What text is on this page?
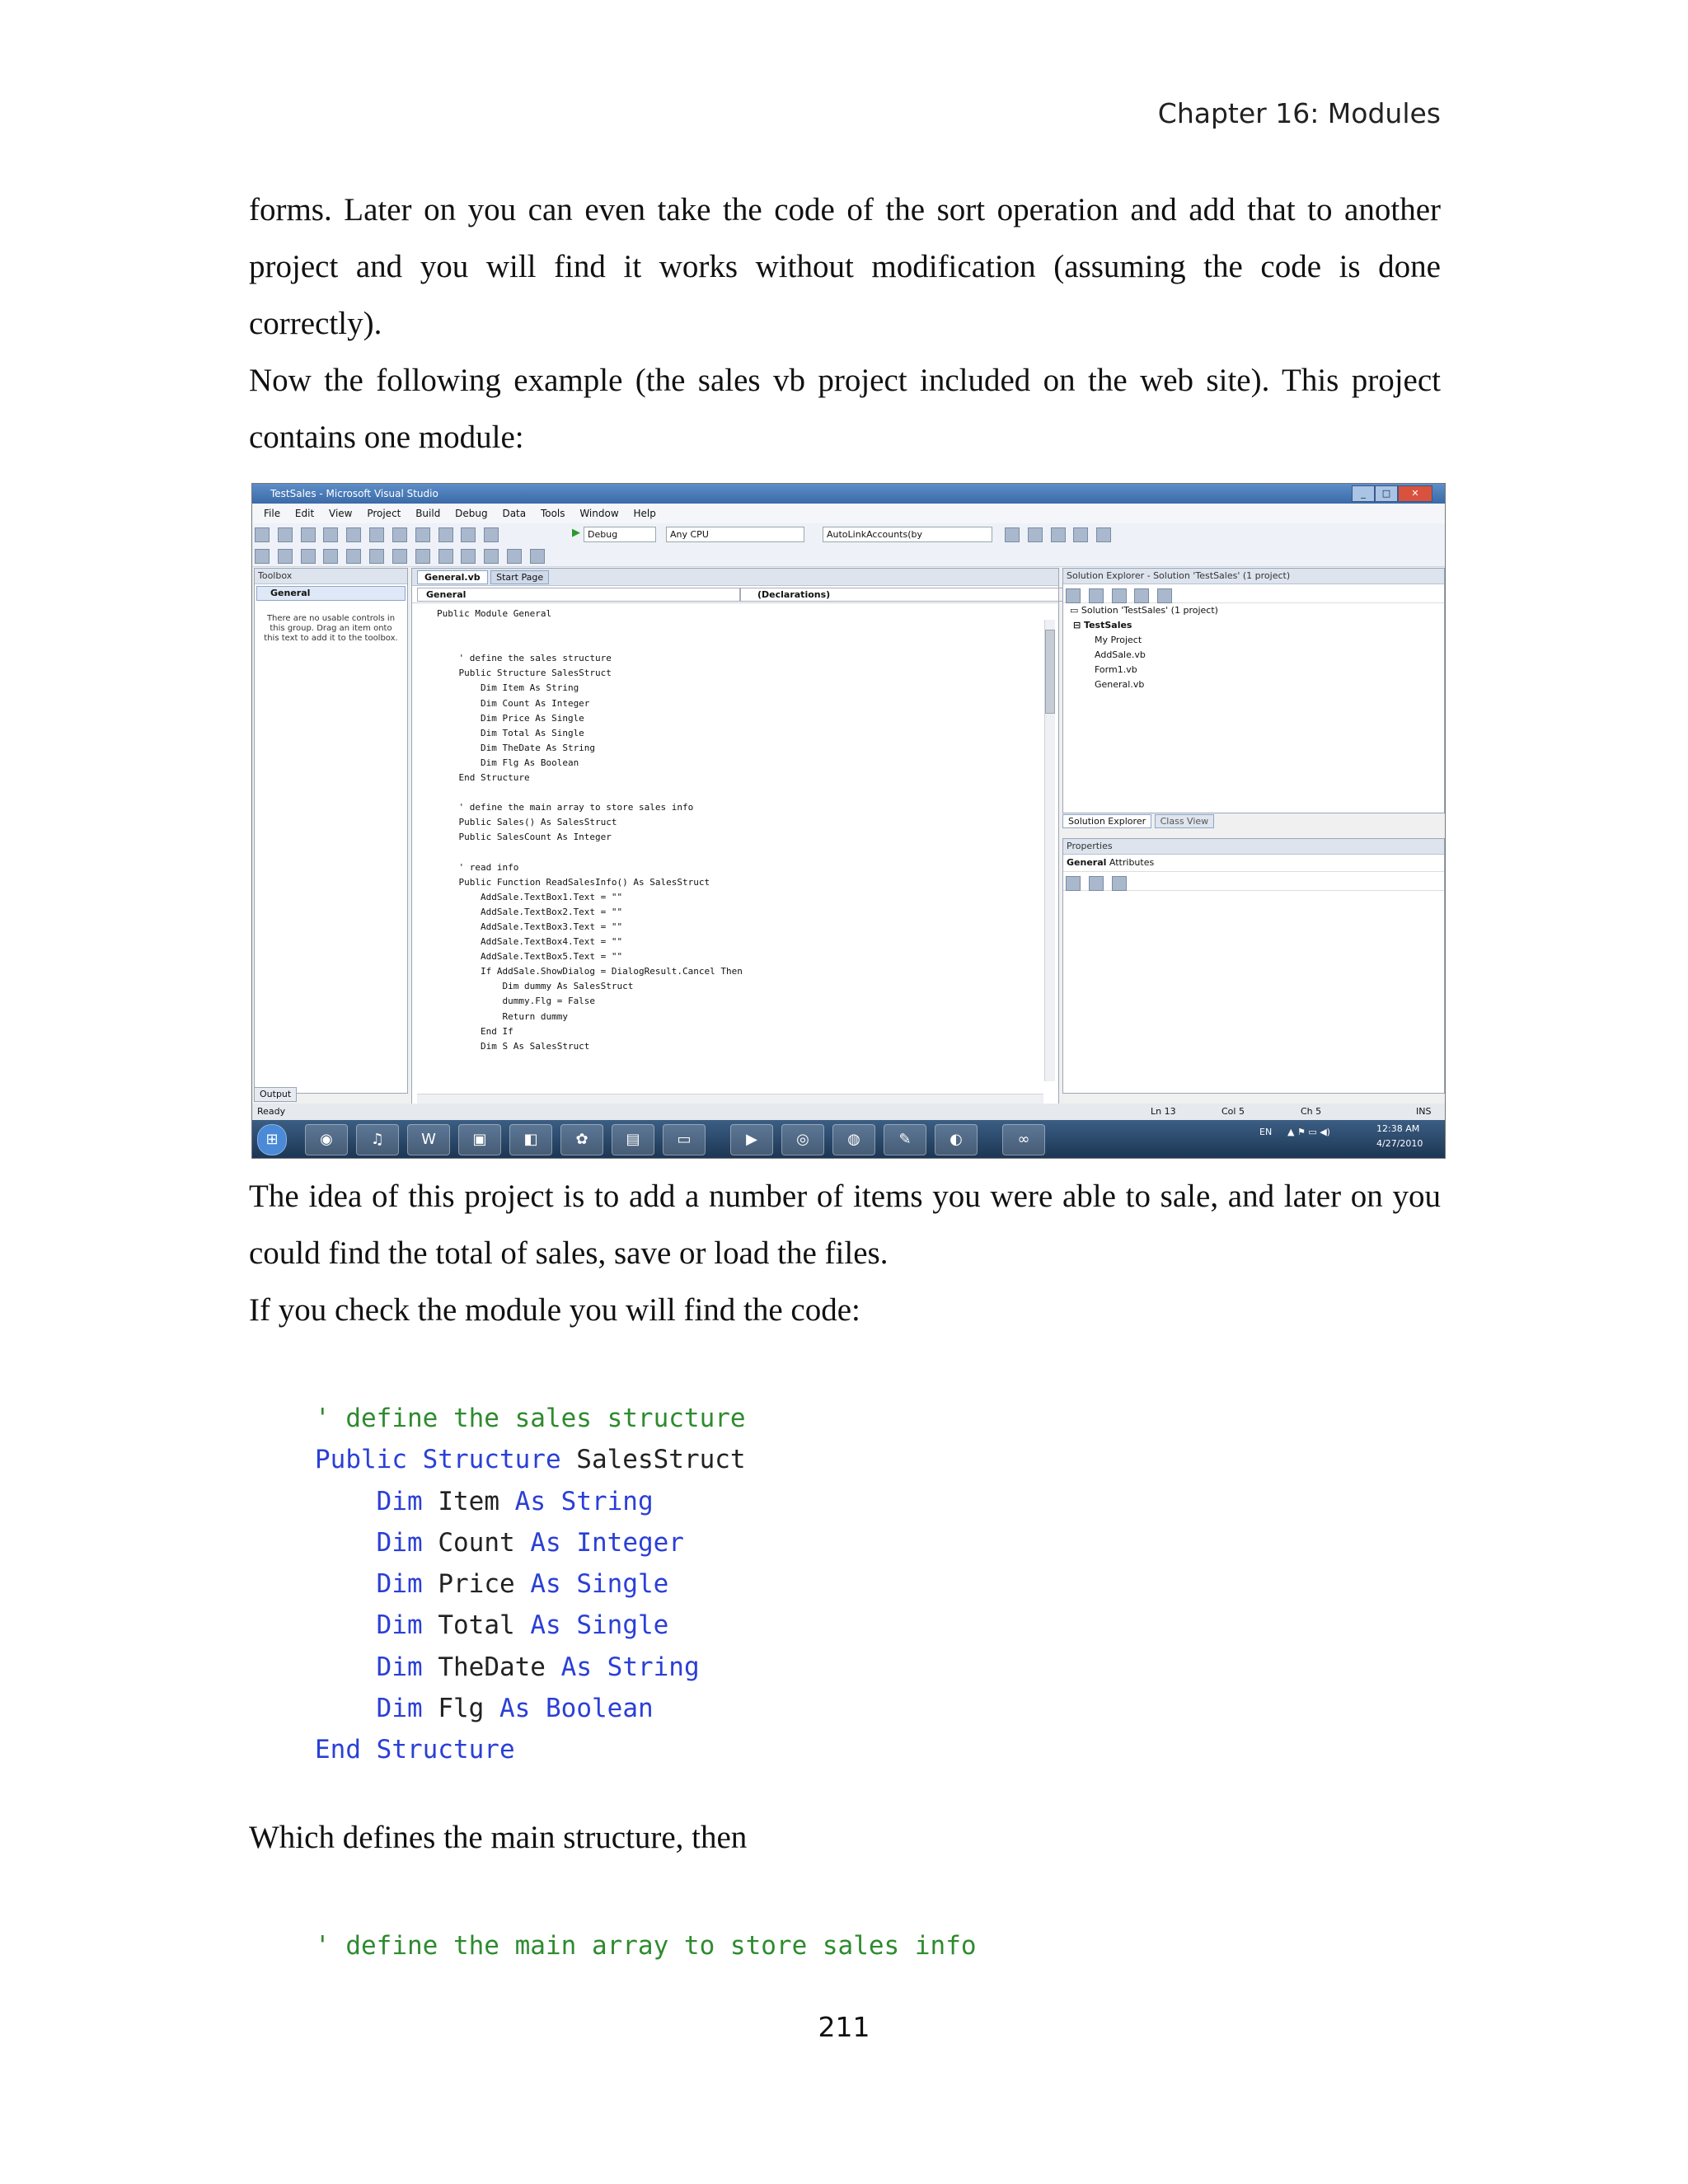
Chapter 16: Modules

forms. Later on you can even take the code of the sort operation and add that to another project and you will find it works without modification (assuming the code is done correctly).

Now the following example (the sales vb project included on the web site). This project contains one module:

TestSales - Microsoft Visual Studio	_	□	✕
File Edit View Project Build Debug Data Tools Window Help

▶ Debug	Any CPU	AutoLinkAccounts(by

Toolbox
General
There are no usable controls in this group. Drag an item onto this text to add it to the toolbox.
General.vb Start Page
General	(Declarations)
Public Module General

' define the sales structure
Public Structure SalesStruct
Dim Item As String
Dim Count As Integer
Dim Price As Single
Dim Total As Single
Dim TheDate As String
Dim Flg As Boolean
End Structure

' define the main array to store sales info
Public Sales() As SalesStruct
Public SalesCount As Integer

' read info
Public Function ReadSalesInfo() As SalesStruct
AddSale.TextBox1.Text = ""
AddSale.TextBox2.Text = ""
AddSale.TextBox3.Text = ""
AddSale.TextBox4.Text = ""
AddSale.TextBox5.Text = ""
If AddSale.ShowDialog = DialogResult.Cancel Then
Dim dummy As SalesStruct
dummy.Flg = False
Return dummy
End If
Dim S As SalesStruct
Solution Explorer - Solution 'TestSales' (1 project)

▭ Solution 'TestSales' (1 project)
⊟ TestSales
My Project
AddSale.vb
Form1.vb
General.vb
Solution Explorer Class View
Properties
General Attributes

Output
Ready	Ln 13	Col 5	Ch 5	INS
⊞	◉	♫	W	▣	◧	✿	▤	▭	▶	◎	◍	✎	◐	∞	EN ▲ ⚑ ▭ ◀)	12:38 AM
4/27/2010

The idea of this project is to add a number of items you were able to sale, and later on you could find the total of sales, save or load the files.

If you check the module you will find the code:

' define the sales structure
Public Structure SalesStruct
Dim Item As String
Dim Count As Integer
Dim Price As Single
Dim Total As Single
Dim TheDate As String
Dim Flg As Boolean
End Structure

Which defines the main structure, then

' define the main array to store sales info
211
